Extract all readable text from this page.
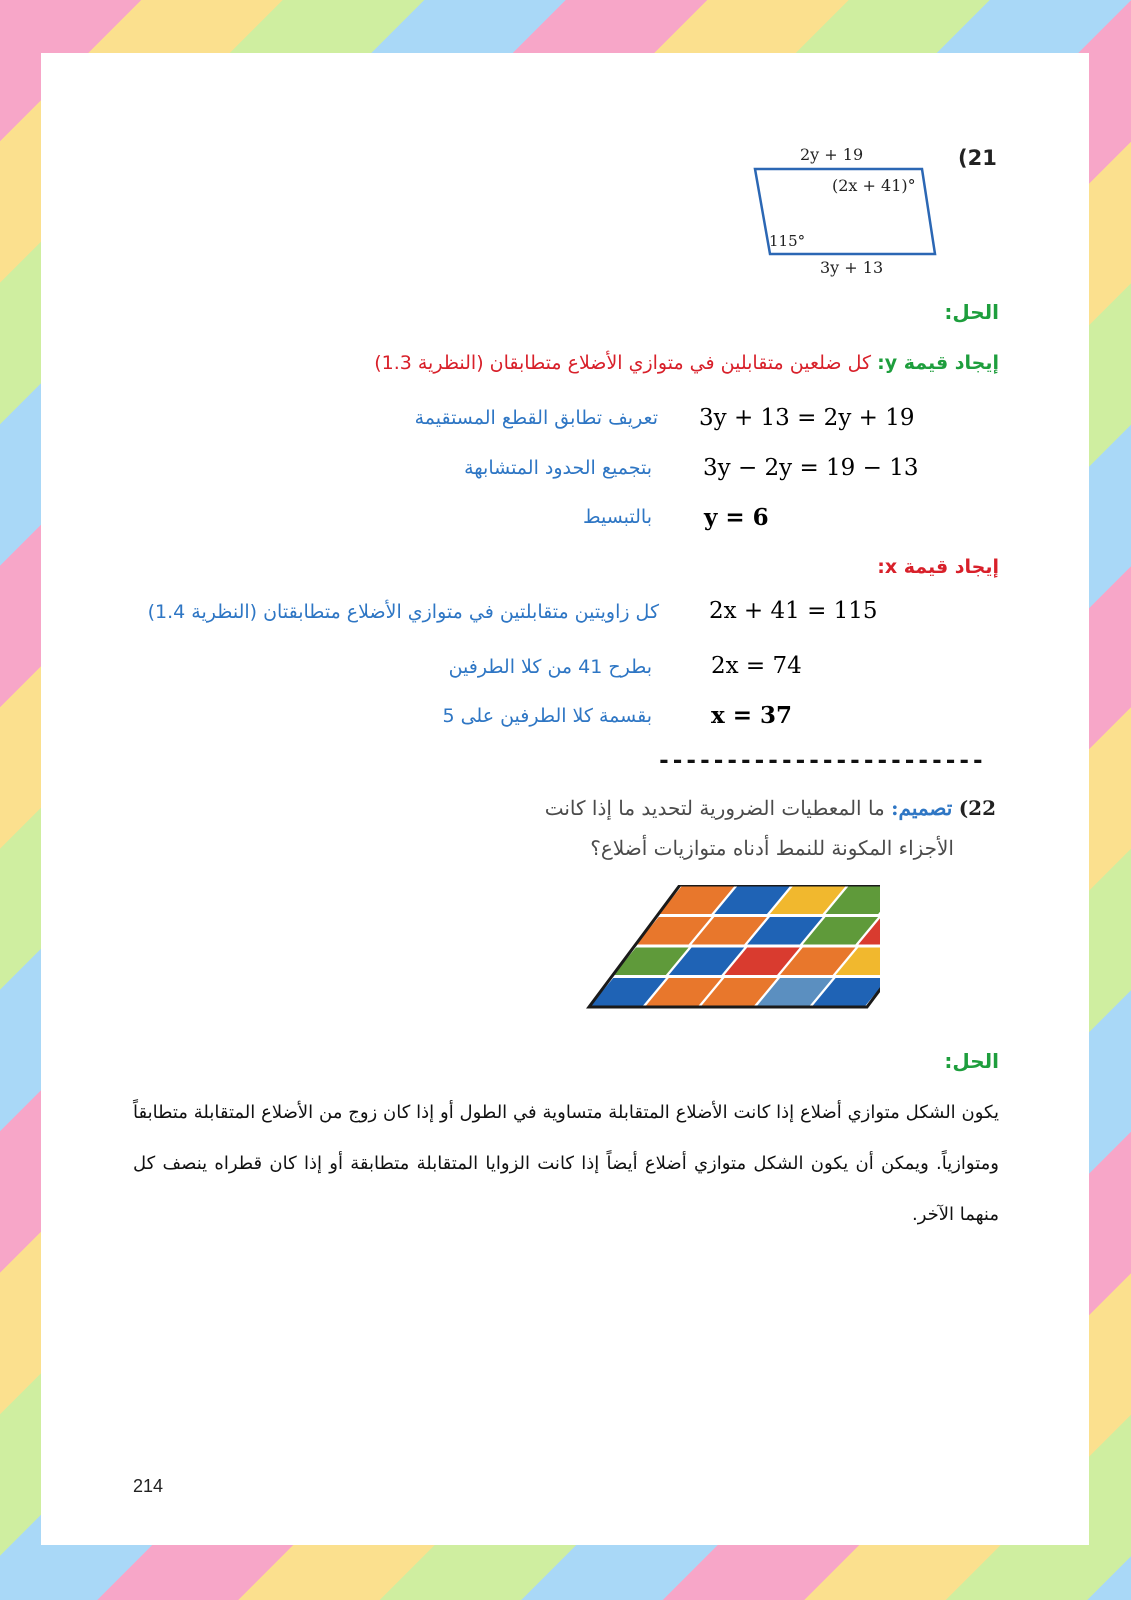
(21
2y + 19
(2x + 41)°
115°
3y + 13
الحل:
إيجاد قيمة y: كل ضلعين متقابلين في متوازي الأضلاع متطابقان (النظرية 1.3)
3y + 13 = 2y + 19
تعريف تطابق القطع المستقيمة
3y − 2y = 19 − 13
بتجميع الحدود المتشابهة
y = 6
بالتبسيط
إيجاد قيمة x:
2x + 41 = 115
كل زاويتين متقابلتين في متوازي الأضلاع متطابقتان (النظرية 1.4)
2x = 74
بطرح 41 من كلا الطرفين
x = 37
بقسمة كلا الطرفين على 5
------------------------
22) تصميم: ما المعطيات الضرورية لتحديد ما إذا كانت
الأجزاء المكونة للنمط أدناه متوازيات أضلاع؟
الحل:
يكون الشكل متوازي أضلاع إذا كانت الأضلاع المتقابلة متساوية في الطول أو إذا كان زوج من الأضلاع المتقابلة متطابقاً ومتوازياً. ويمكن أن يكون الشكل متوازي أضلاع أيضاً إذا كانت الزوايا المتقابلة متطابقة أو إذا كان قطراه ينصف كل منهما الآخر.
214
